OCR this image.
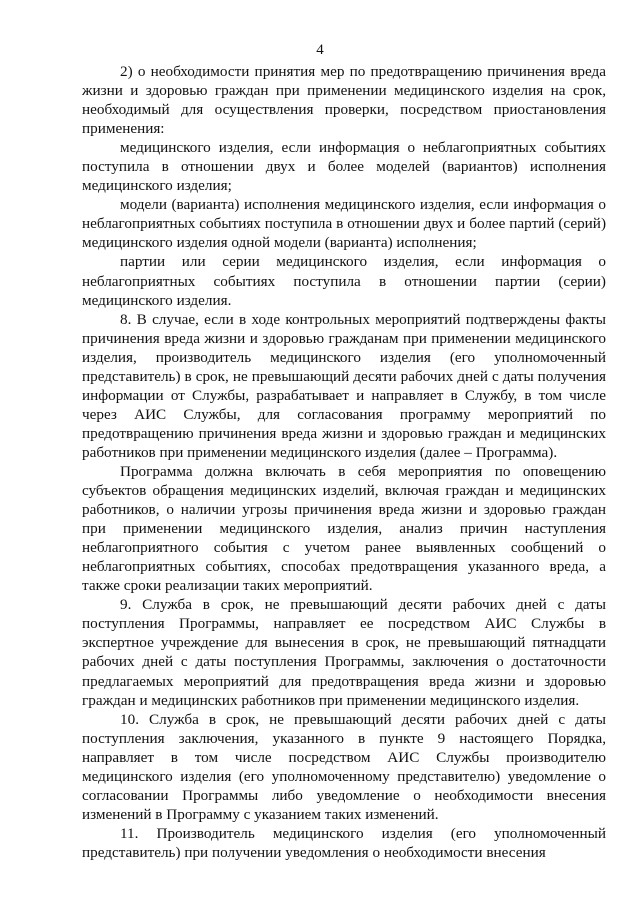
4

2) о необходимости принятия мер по предотвращению причинения вреда жизни и здоровью граждан при применении медицинского изделия на срок, необходимый для осуществления проверки, посредством приостановления применения:

медицинского изделия, если информация о неблагоприятных событиях поступила в отношении двух и более моделей (вариантов) исполнения медицинского изделия;

модели (варианта) исполнения медицинского изделия, если информация о неблагоприятных событиях поступила в отношении двух и более партий (серий) медицинского изделия одной модели (варианта) исполнения;

партии или серии медицинского изделия, если информация о неблагоприятных событиях поступила в отношении партии (серии) медицинского изделия.

8. В случае, если в ходе контрольных мероприятий подтверждены факты причинения вреда жизни и здоровью гражданам при применении медицинского изделия, производитель медицинского изделия (его уполномоченный представитель) в срок, не превышающий десяти рабочих дней с даты получения информации от Службы, разрабатывает и направляет в Службу, в том числе через АИС Службы, для согласования программу мероприятий по предотвращению причинения вреда жизни и здоровью граждан и медицинских работников при применении медицинского изделия (далее – Программа).

Программа должна включать в себя мероприятия по оповещению субъектов обращения медицинских изделий, включая граждан и медицинских работников, о наличии угрозы причинения вреда жизни и здоровью граждан при применении медицинского изделия, анализ причин наступления неблагоприятного события с учетом ранее выявленных сообщений о неблагоприятных событиях, способах предотвращения указанного вреда, а также сроки реализации таких мероприятий.

9. Служба в срок, не превышающий десяти рабочих дней с даты поступления Программы, направляет ее посредством АИС Службы в экспертное учреждение для вынесения в срок, не превышающий пятнадцати рабочих дней с даты поступления Программы, заключения о достаточности предлагаемых мероприятий для предотвращения вреда жизни и здоровью граждан и медицинских работников при применении медицинского изделия.

10. Служба в срок, не превышающий десяти рабочих дней с даты поступления заключения, указанного в пункте 9 настоящего Порядка, направляет в том числе посредством АИС Службы производителю медицинского изделия (его уполномоченному представителю) уведомление о согласовании Программы либо уведомление о необходимости внесения изменений в Программу с указанием таких изменений.

11. Производитель медицинского изделия (его уполномоченный представитель) при получении уведомления о необходимости внесения
